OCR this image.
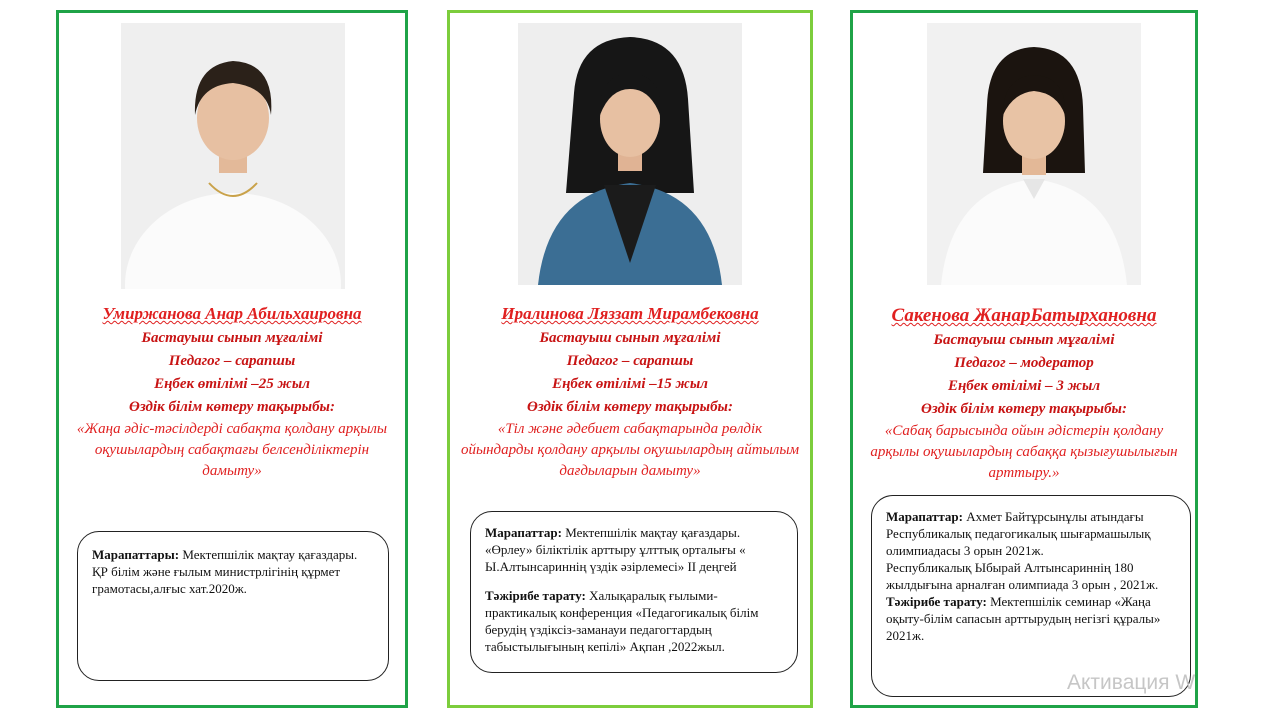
Умиржанова Анар Абильхаировна
Бастауыш сынып мұғалімі
Педагог – сарапшы
Еңбек өтілімі –25 жыл
Өздік білім көтеру тақырыбы:
«Жаңа әдіс-тәсілдерді сабақта қолдану арқылы оқушылардың сабақтағы белсенділіктерін дамыту»

Марапаттары: Мектепшілік мақтау қағаздары.

ҚР білім және ғылым министрлігінің құрмет грамотасы,алғыс хат.2020ж.

Иралинова Ляззат Мирамбековна
Бастауыш сынып мұғалімі
Педагог – сарапшы
Еңбек өтілімі –15 жыл
Өздік білім көтеру тақырыбы:
«Тіл және әдебиет сабақтарында рөлдік ойындарды қолдану арқылы оқушылардың айтылым дағдыларын дамыту»

Марапаттар: Мектепшілік мақтау қағаздары. «Өрлеу» біліктілік арттыру ұлттық орталығы « Ы.Алтынсариннің үздік әзірлемесі» II деңгей

Тәжірибе тарату: Халықаралық ғылыми-практикалық конференция «Педагогикалық білім берудің үздіксіз-заманауи педагогтардың табыстылығының кепілі» Ақпан ,2022жыл.

Сакенова ЖанарБатырхановна
Бастауыш сынып мұғалімі
Педагог – модератор
Еңбек өтілімі – 3 жыл
Өздік білім көтеру тақырыбы:
«Сабақ барысында ойын әдістерін қолдану арқылы оқушылардың сабаққа қызығушылығын арттыру.»

Марапаттар: Ахмет Байтұрсынұлы атындағы Республикалық педагогикалық шығармашылық олимпиадасы 3 орын 2021ж.

Республикалық Ыбырай Алтынсариннің 180 жылдығына арналған олимпиада 3 орын , 2021ж.

Тәжірибе тарату: Мектепшілік семинар «Жаңа оқыту-білім сапасын арттырудың негізгі құралы» 2021ж.

Активация W
